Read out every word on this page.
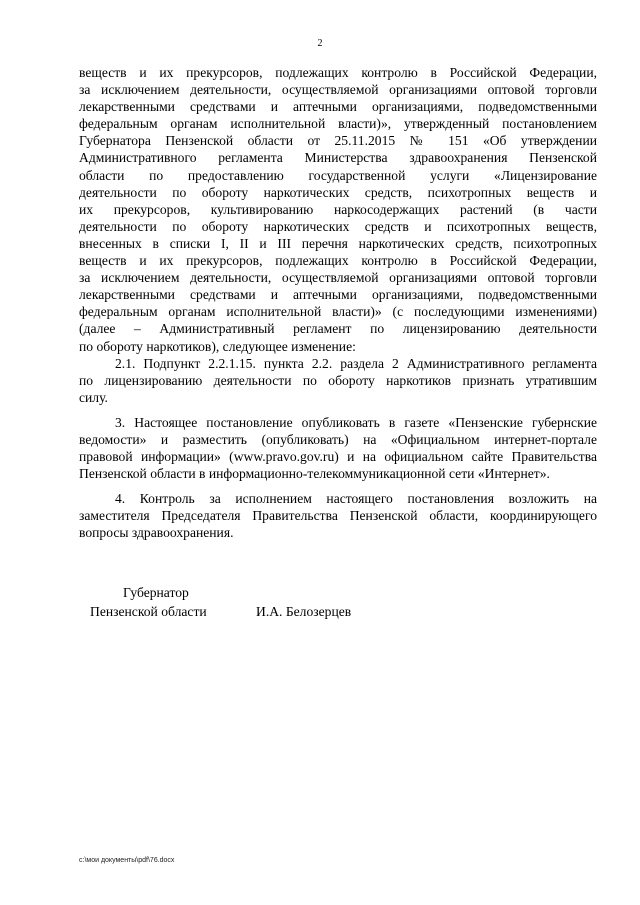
2
веществ и их прекурсоров, подлежащих контролю в Российской Федерации,
за исключением деятельности, осуществляемой организациями оптовой торговли
лекарственными средствами и аптечными организациями, подведомственными
федеральным органам исполнительной власти)», утвержденный постановлением
Губернатора Пензенской области от 25.11.2015 № 151 «Об утверждении
Административного регламента Министерства здравоохранения Пензенской
области по предоставлению государственной услуги «Лицензирование
деятельности по обороту наркотических средств, психотропных веществ и
их прекурсоров, культивированию наркосодержащих растений (в части
деятельности по обороту наркотических средств и психотропных веществ,
внесенных в списки I, II и III перечня наркотических средств, психотропных
веществ и их прекурсоров, подлежащих контролю в Российской Федерации,
за исключением деятельности, осуществляемой организациями оптовой торговли
лекарственными средствами и аптечными организациями, подведомственными
федеральным органам исполнительной власти)» (с последующими изменениями)
(далее – Административный регламент по лицензированию деятельности
по обороту наркотиков), следующее изменение:
2.1. Подпункт 2.2.1.15. пункта 2.2. раздела 2 Административного регламента
по лицензированию деятельности по обороту наркотиков признать утратившим
силу.
3. Настоящее постановление опубликовать в газете «Пензенские губернские
ведомости» и разместить (опубликовать) на «Официальном интернет-портале
правовой информации» (www.pravo.gov.ru) и на официальном сайте Правительства
Пензенской области в информационно-телекоммуникационной сети «Интернет».
4. Контроль за исполнением настоящего постановления возложить на
заместителя Председателя Правительства Пензенской области, координирующего
вопросы здравоохранения.
Губернатор
Пензенской области	И.А. Белозерцев
c:\мои документы\pdf\76.docx
